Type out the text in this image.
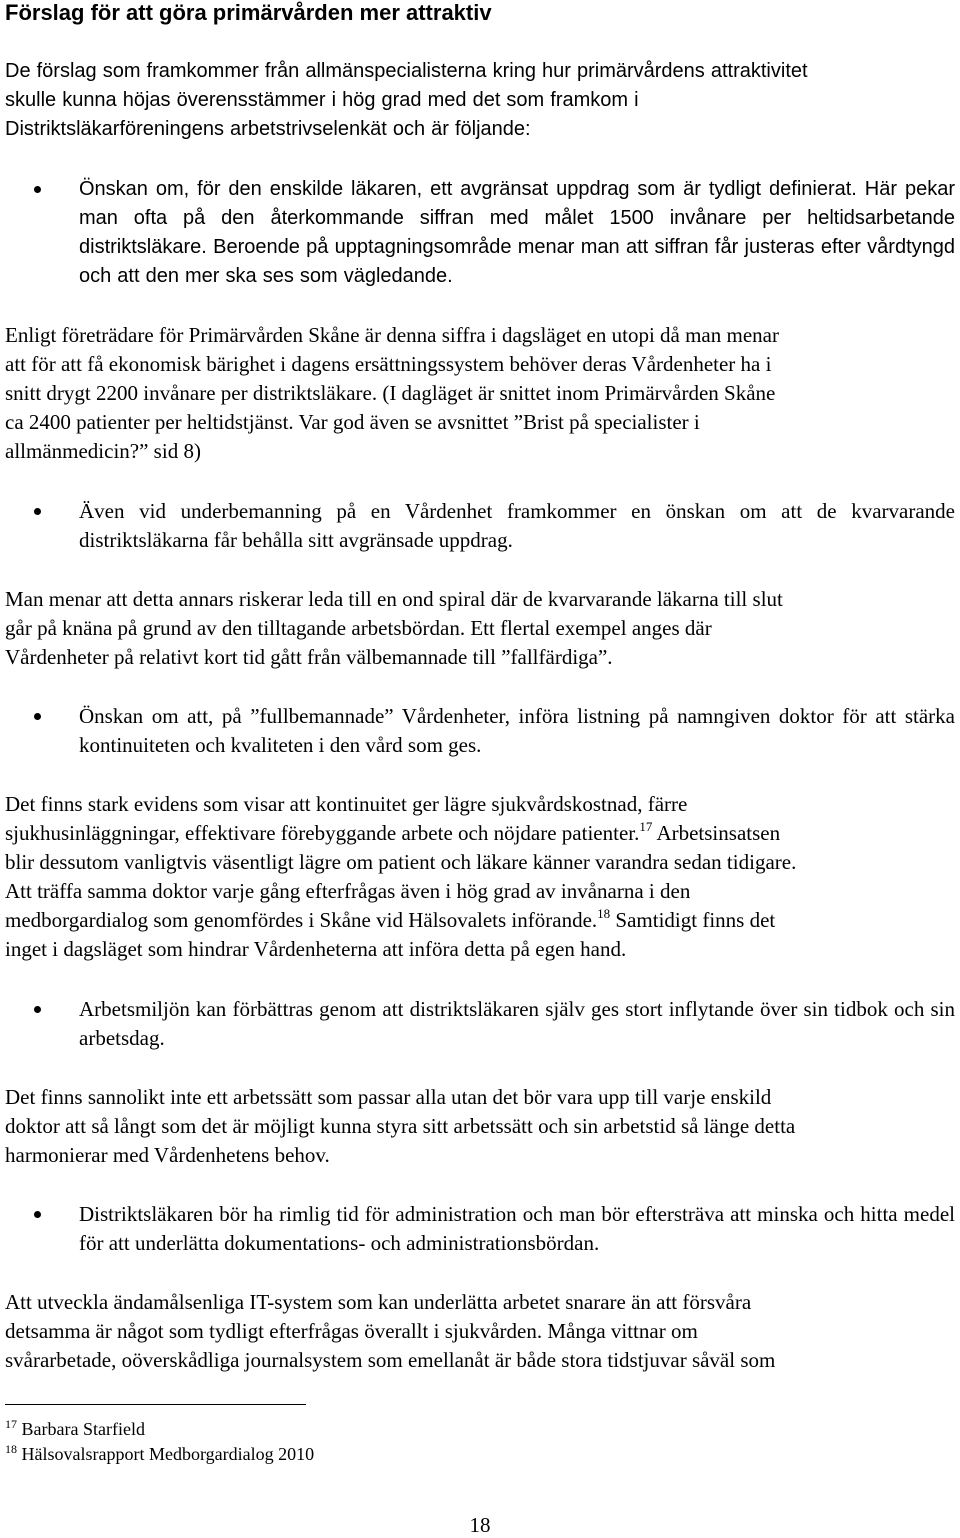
Förslag för att göra primärvården mer attraktiv
De förslag som framkommer från allmänspecialisterna kring hur primärvårdens attraktivitet
skulle kunna höjas överensstämmer i hög grad med det som framkom i
Distriktsläkarföreningens arbetstrivselenkät och är följande:

Önskan om, för den enskilde läkaren, ett avgränsat uppdrag som är tydligt definierat. Här pekar man ofta på den återkommande siffran med målet 1500 invånare per heltidsarbetande distriktsläkare. Beroende på upptagningsområde menar man att siffran får justeras efter vårdtyngd och att den mer ska ses som vägledande.

Enligt företrädare för Primärvården Skåne är denna siffra i dagsläget en utopi då man menar
att för att få ekonomisk bärighet i dagens ersättningssystem behöver deras Vårdenheter ha i
snitt drygt 2200 invånare per distriktsläkare. (I dagläget är snittet inom Primärvården Skåne
ca 2400 patienter per heltidstjänst. Var god även se avsnittet ”Brist på specialister i
allmänmedicin?” sid 8)

Även vid underbemanning på en Vårdenhet framkommer en önskan om att de kvarvarande distriktsläkarna får behålla sitt avgränsade uppdrag.

Man menar att detta annars riskerar leda till en ond spiral där de kvarvarande läkarna till slut
går på knäna på grund av den tilltagande arbetsbördan. Ett flertal exempel anges där
Vårdenheter på relativt kort tid gått från välbemannade till ”fallfärdiga”.

Önskan om att, på ”fullbemannade” Vårdenheter, införa listning på namngiven doktor för att stärka kontinuiteten och kvaliteten i den vård som ges.

Det finns stark evidens som visar att kontinuitet ger lägre sjukvårdskostnad, färre
sjukhusinläggningar, effektivare förebyggande arbete och nöjdare patienter.$^{17}$ Arbetsinsatsen
blir dessutom vanligtvis väsentligt lägre om patient och läkare känner varandra sedan tidigare.
Att träffa samma doktor varje gång efterfrågas även i hög grad av invånarna i den
medborgardialog som genomfördes i Skåne vid Hälsovalets införande.$^{18}$ Samtidigt finns det
inget i dagsläget som hindrar Vårdenheterna att införa detta på egen hand.

Arbetsmiljön kan förbättras genom att distriktsläkaren själv ges stort inflytande över sin tidbok och sin arbetsdag.

Det finns sannolikt inte ett arbetssätt som passar alla utan det bör vara upp till varje enskild
doktor att så långt som det är möjligt kunna styra sitt arbetssätt och sin arbetstid så länge detta
harmonierar med Vårdenhetens behov.

Distriktsläkaren bör ha rimlig tid för administration och man bör eftersträva att minska och hitta medel för att underlätta dokumentations- och administrationsbördan.

Att utveckla ändamålsenliga IT-system som kan underlätta arbetet snarare än att försvåra
detsamma är något som tydligt efterfrågas överallt i sjukvården. Många vittnar om
svårarbetade, oöverskådliga journalsystem som emellanåt är både stora tidstjuvar såväl som
$^{17}$ Barbara Starfield
$^{18}$ Hälsovalsrapport Medborgardialog 2010
18
